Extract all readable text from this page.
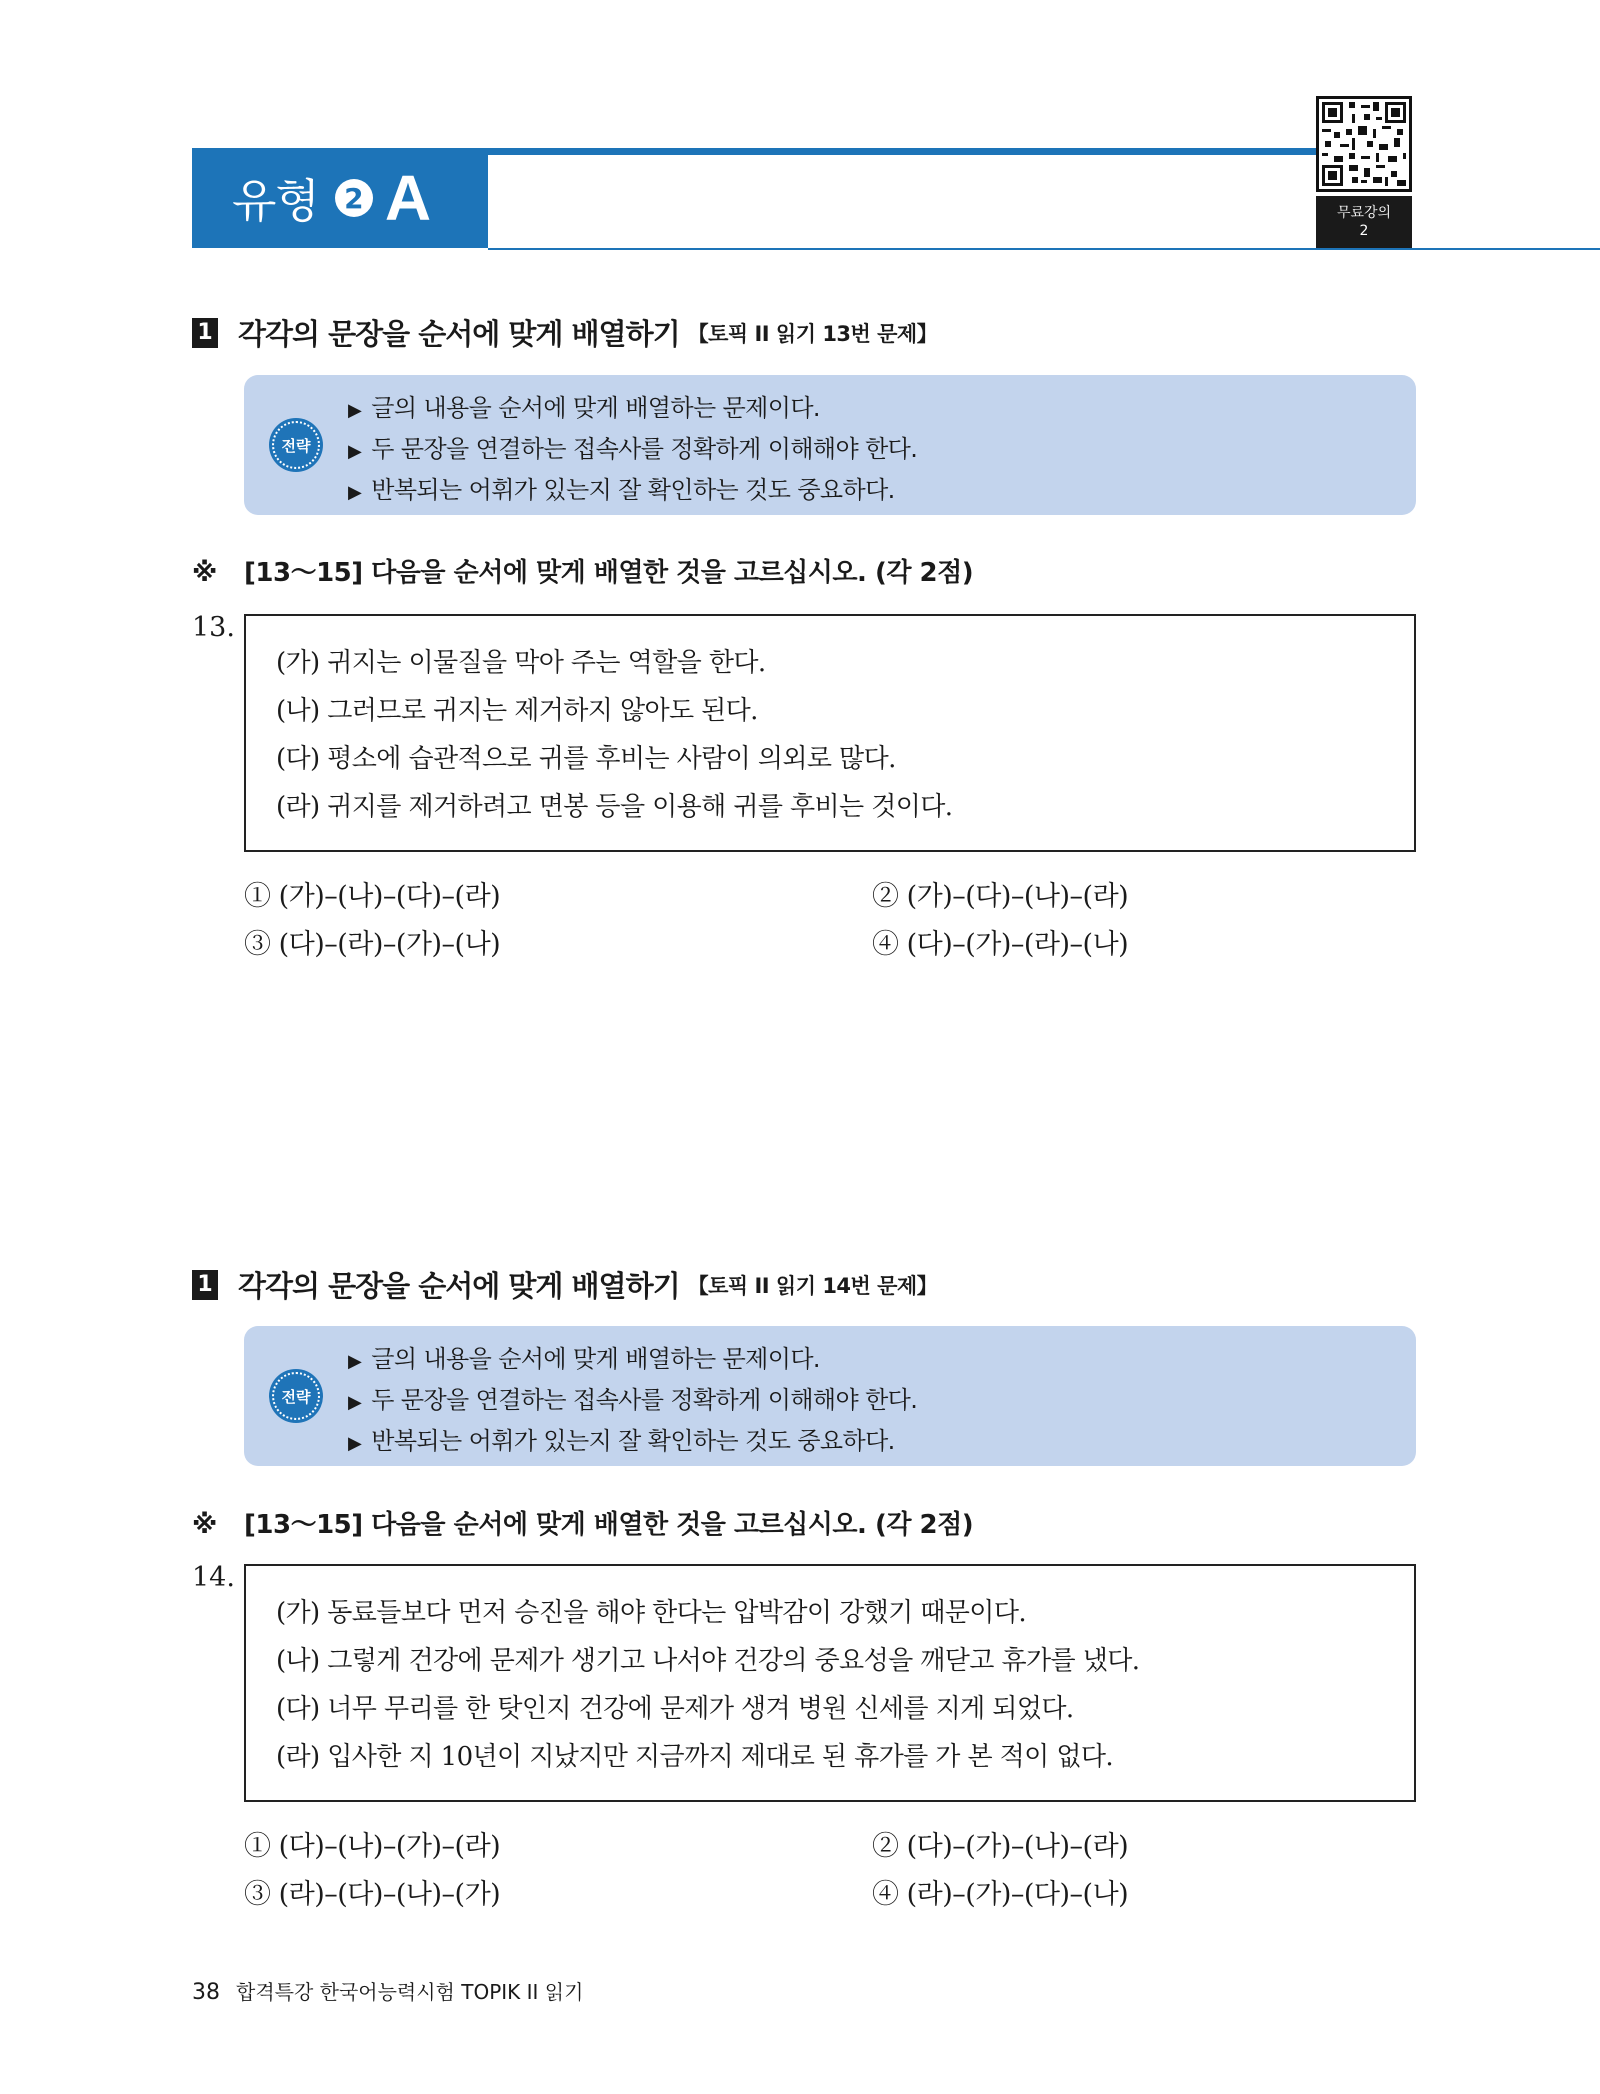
유형 2 A	무료강의
2
1 각각의 문장을 순서에 맞게 배열하기 【토픽 II 읽기 13번 문제】
전략
▶ 글의 내용을 순서에 맞게 배열하는 문제이다.
▶ 두 문장을 연결하는 접속사를 정확하게 이해해야 한다.
▶ 반복되는 어휘가 있는지 잘 확인하는 것도 중요하다.
※ [13～15] 다음을 순서에 맞게 배열한 것을 고르십시오. (각 2점)
13.
(가) 귀지는 이물질을 막아 주는 역할을 한다.
(나) 그러므로 귀지는 제거하지 않아도 된다.
(다) 평소에 습관적으로 귀를 후비는 사람이 의외로 많다.
(라) 귀지를 제거하려고 면봉 등을 이용해 귀를 후비는 것이다.
① (가)–(나)–(다)–(라)	② (가)–(다)–(나)–(라)
③ (다)–(라)–(가)–(나)	④ (다)–(가)–(라)–(나)
1 각각의 문장을 순서에 맞게 배열하기 【토픽 II 읽기 14번 문제】
전략
▶ 글의 내용을 순서에 맞게 배열하는 문제이다.
▶ 두 문장을 연결하는 접속사를 정확하게 이해해야 한다.
▶ 반복되는 어휘가 있는지 잘 확인하는 것도 중요하다.
※ [13～15] 다음을 순서에 맞게 배열한 것을 고르십시오. (각 2점)
14.
(가) 동료들보다 먼저 승진을 해야 한다는 압박감이 강했기 때문이다.
(나) 그렇게 건강에 문제가 생기고 나서야 건강의 중요성을 깨닫고 휴가를 냈다.
(다) 너무 무리를 한 탓인지 건강에 문제가 생겨 병원 신세를 지게 되었다.
(라) 입사한 지 10년이 지났지만 지금까지 제대로 된 휴가를 가 본 적이 없다.
① (다)–(나)–(가)–(라)	② (다)–(가)–(나)–(라)
③ (라)–(다)–(나)–(가)	④ (라)–(가)–(다)–(나)
38 합격특강 한국어능력시험 TOPIK II 읽기
